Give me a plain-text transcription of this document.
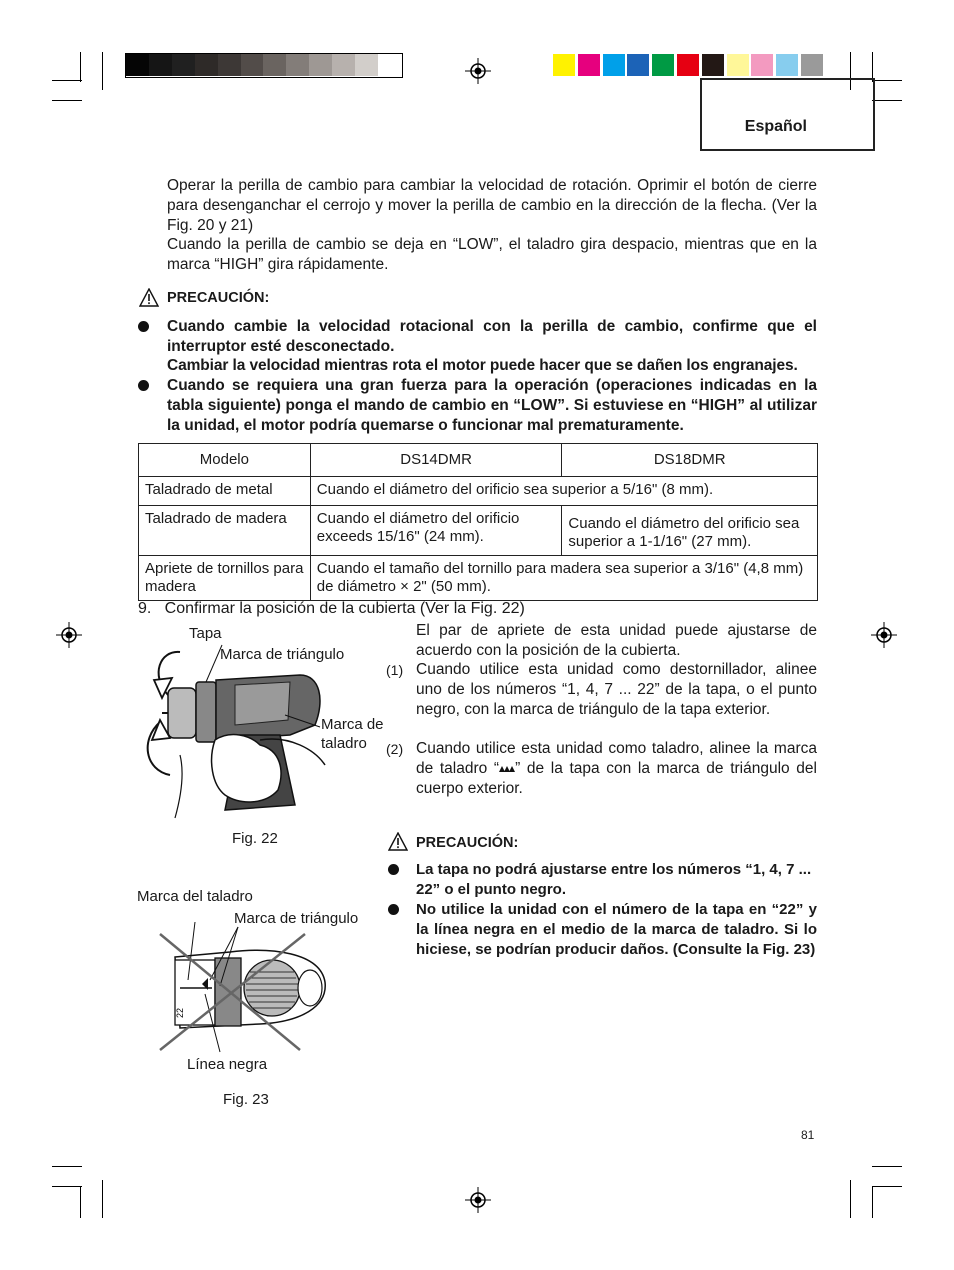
Español
Operar la perilla de cambio para cambiar la velocidad de rotación. Oprimir el botón de cierre para desenganchar el cerrojo y mover la perilla de cambio en la dirección de la flecha. (Ver la Fig. 20 y 21)
Cuando la perilla de cambio se deja en “LOW”, el taladro gira despacio, mientras que en la marca “HIGH” gira rápidamente.
PRECAUCIÓN:
Cuando cambie la velocidad rotacional con la perilla de cambio, confirme que el interruptor esté desconectado.
Cambiar la velocidad mientras rota el motor puede hacer que se dañen los engranajes.
Cuando se requiera una gran fuerza para la operación (operaciones indicadas en la tabla siguiente) ponga el mando de cambio en “LOW”. Si estuviese en “HIGH” al utilizar la unidad, el motor podría quemarse o funcionar mal prematuramente.
Modelo	DS14DMR	DS18DMR
Taladrado de metal	Cuando el diámetro del orificio sea superior a 5/16" (8 mm).	
Taladrado de madera	Cuando el diámetro del orificio exceeds 15/16" (24 mm).	Cuando el diámetro del orificio sea superior a 1-1/16" (27 mm).
Apriete de tornillos para madera	Cuando el tamaño del tornillo para madera sea superior a 3/16" (4,8 mm) de diámetro × 2" (50 mm).	
9.   Confirmar la posición de la cubierta (Ver la Fig. 22)
El par de apriete de esta unidad puede ajustarse de acuerdo con la posición de la cubierta.
(1) Cuando utilice esta unidad como destornillador, alinee uno de los números “1, 4, 7 ... 22” de la tapa, o el punto negro, con la marca de triángulo de la tapa exterior.
(2) Cuando utilice esta unidad como taladro, alinee la marca de taladro “ ” de la tapa con la marca de triángulo del cuerpo exterior.
Tapa
Marca de triángulo
Marca de
taladro
Fig. 22	PRECAUCIÓN:
La tapa no podrá ajustarse entre los números “1, 4, 7 ... 22” o el punto negro.
No utilice la unidad con el número de la tapa en “22” y la línea negra en el medio de la marca de taladro. Si lo hiciese, se podrían producir daños. (Consulte la Fig. 23)
Marca del taladro
Marca de triángulo
22
Línea negra
Fig. 23
81
